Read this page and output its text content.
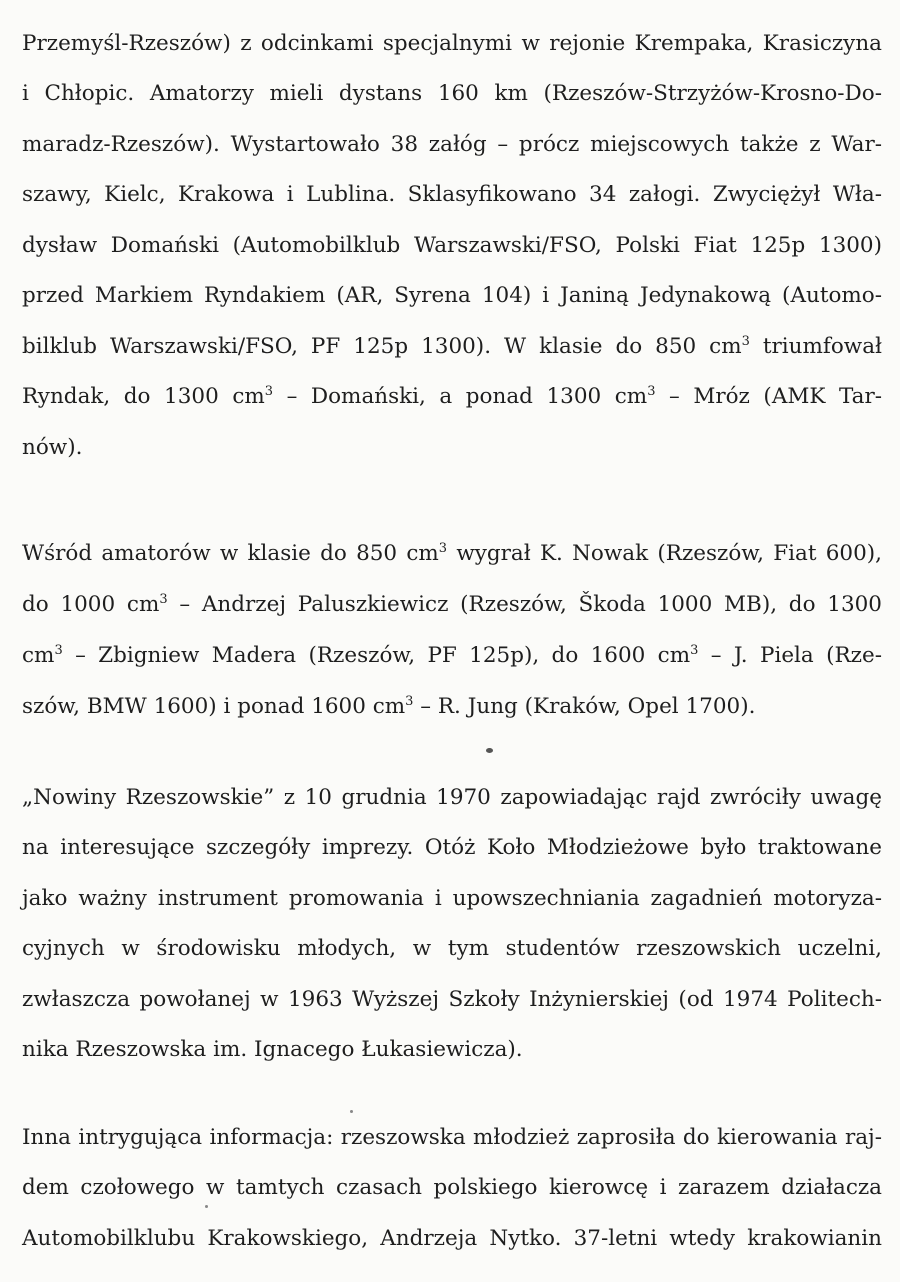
Przemyśl-Rzeszów) z odcinkami specjalnymi w rejonie Krempaka, Krasiczyna
i Chłopic. Amatorzy mieli dystans 160 km (Rzeszów-Strzyżów-Krosno-Do-
maradz-Rzeszów). Wystartowało 38 załóg – prócz miejscowych także z War-
szawy, Kielc, Krakowa i Lublina. Sklasyfikowano 34 załogi. Zwyciężył Wła-
dysław Domański (Automobilklub Warszawski/FSO, Polski Fiat 125p 1300)
przed Markiem Ryndakiem (AR, Syrena 104) i Janiną Jedynakową (Automo-
bilklub Warszawski/FSO, PF 125p 1300). W klasie do 850 $cm^3$ triumfował
Ryndak, do 1300 $cm^3$ – Domański, a ponad 1300 $cm^3$ – Mróz (AMK Tar-
nów).
Wśród amatorów w klasie do 850 $cm^3$ wygrał K. Nowak (Rzeszów, Fiat 600),
do 1000 $cm^3$ – Andrzej Paluszkiewicz (Rzeszów, Škoda 1000 MB), do 1300
$cm^3$ – Zbigniew Madera (Rzeszów, PF 125p), do 1600 $cm^3$ – J. Piela (Rze-
szów, BMW 1600) i ponad 1600 $cm^3$ – R. Jung (Kraków, Opel 1700).
„Nowiny Rzeszowskie” z 10 grudnia 1970 zapowiadając rajd zwróciły uwagę
na interesujące szczegóły imprezy. Otóż Koło Młodzieżowe było traktowane
jako ważny instrument promowania i upowszechniania zagadnień motoryza-
cyjnych w środowisku młodych, w tym studentów rzeszowskich uczelni,
zwłaszcza powołanej w 1963 Wyższej Szkoły Inżynierskiej (od 1974 Politech-
nika Rzeszowska im. Ignacego Łukasiewicza).
Inna intrygująca informacja: rzeszowska młodzież zaprosiła do kierowania raj-
dem czołowego w tamtych czasach polskiego kierowcę i zarazem działacza
Automobilklubu Krakowskiego, Andrzeja Nytko. 37-letni wtedy krakowianin
